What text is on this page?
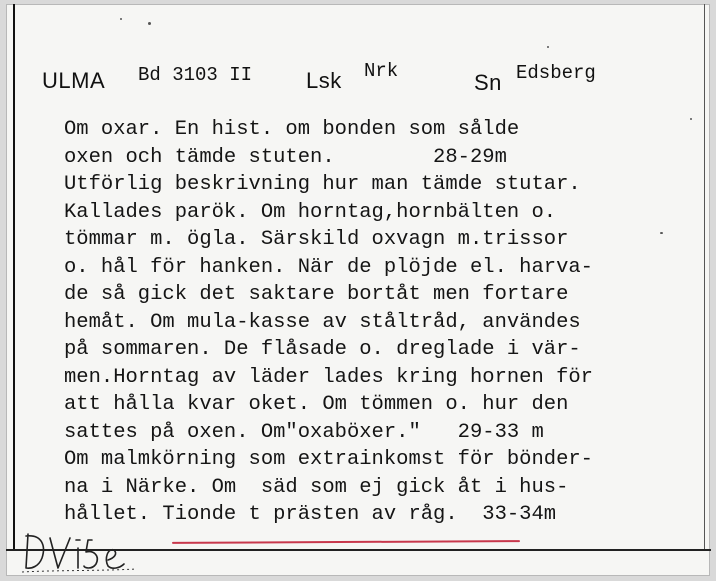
ULMA Bd 3103 II Lsk Nrk	Sn Edsberg
Om oxar. En hist. om bonden som sålde
oxen och tämde stuten.        28-29m
Utförlig beskrivning hur man tämde stutar.
Kallades parök. Om horntag,hornbälten o.
tömmar m. ögla. Särskild oxvagn m.trissor
o. hål för hanken. När de plöjde el. harva-
de så gick det saktare bortåt men fortare
hemåt. Om mula-kasse av ståltråd, användes
på sommaren. De flåsade o. dreglade i vär-
men.Horntag av läder lades kring hornen för
att hålla kvar oket. Om tömmen o. hur den
sattes på oxen. Om"oxaböxer."   29-33 m
Om malmkörning som extrainkomst för bönder-
na i Närke. Om  säd som ej gick åt i hus-
hållet. Tionde t prästen av råg.  33-34m
